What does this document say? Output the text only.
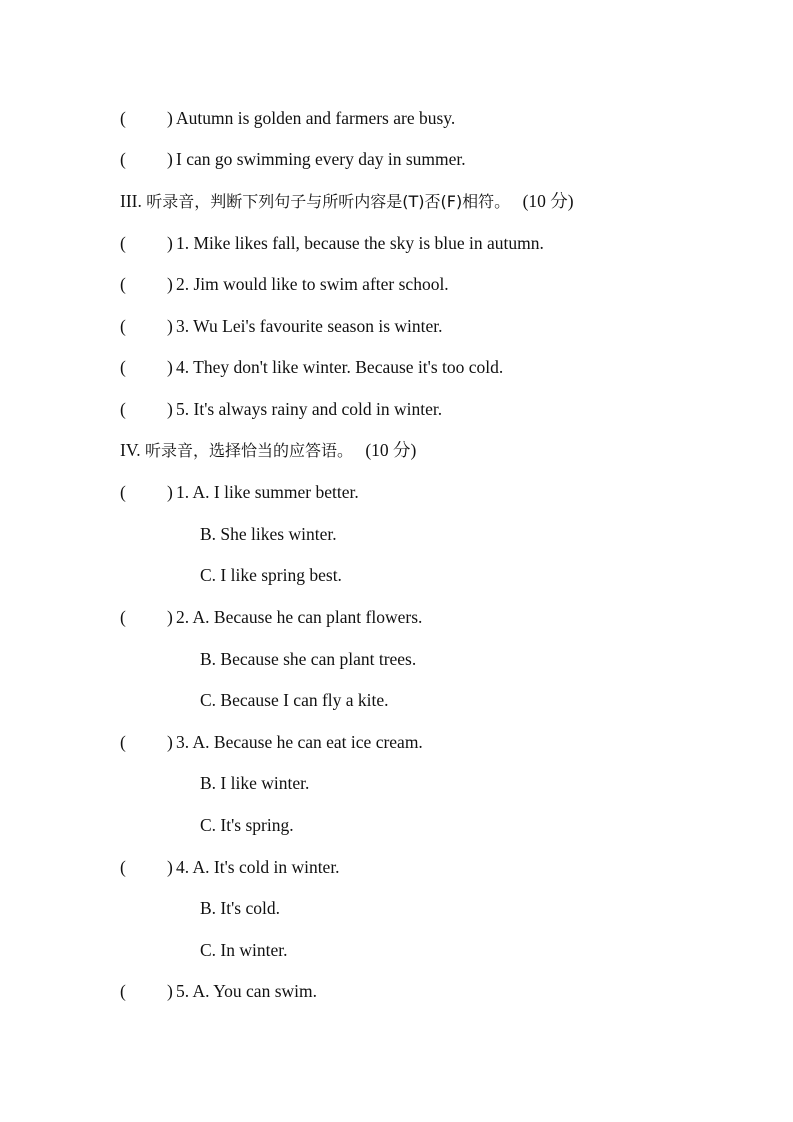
( ) Autumn is golden and farmers are busy.
( ) I can go swimming every day in summer.
III. 听录音，判断下列句子与所听内容是(T)否(F)相符。 (10 分)
( ) 1. Mike likes fall, because the sky is blue in autumn.
( ) 2. Jim would like to swim after school.
( ) 3. Wu Lei's favourite season is winter.
( ) 4. They don't like winter. Because it's too cold.
( ) 5. It's always rainy and cold in winter.
IV. 听录音，选择恰当的应答语。 (10 分)
( ) 1. A. I like summer better.
B. She likes winter.
C. I like spring best.
( ) 2. A. Because he can plant flowers.
B. Because she can plant trees.
C. Because I can fly a kite.
( ) 3. A. Because he can eat ice cream.
B. I like winter.
C. It's spring.
( ) 4. A. It's cold in winter.
B. It's cold.
C. In winter.
( ) 5. A. You can swim.
